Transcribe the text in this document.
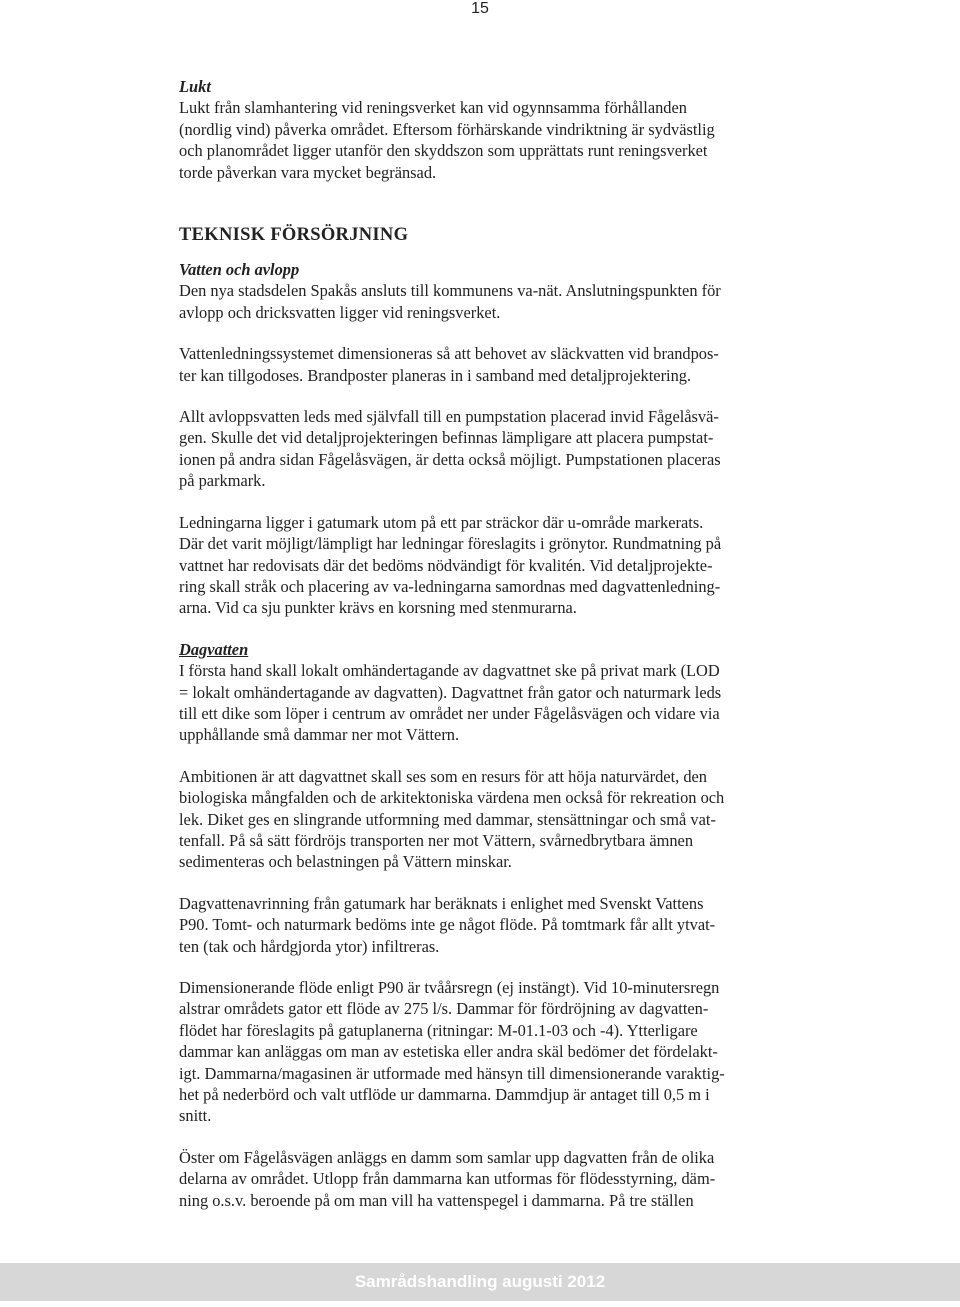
15
Lukt
Lukt från slamhantering vid reningsverket kan vid ogynnsamma förhållanden
(nordlig vind) påverka området. Eftersom förhärskande vindriktning är sydvästlig
och planområdet ligger utanför den skyddszon som upprättats runt reningsverket
torde påverkan vara mycket begränsad.
TEKNISK FÖRSÖRJNING
Vatten och avlopp
Den nya stadsdelen Spakås ansluts till kommunens va-nät. Anslutningspunkten för
avlopp och dricksvatten ligger vid reningsverket.
Vattenledningssystemet dimensioneras så att behovet av släckvatten vid brandpos-
ter kan tillgodoses. Brandposter planeras in i samband med detaljprojektering.
Allt avloppsvatten leds med självfall till en pumpstation placerad invid Fågelåsvä-
gen. Skulle det vid detaljprojekteringen befinnas lämpligare att placera pumpstat-
ionen på andra sidan Fågelåsvägen, är detta också möjligt. Pumpstationen placeras
på parkmark.
Ledningarna ligger i gatumark utom på ett par sträckor där u-område markerats.
Där det varit möjligt/lämpligt har ledningar föreslagits i grönytor. Rundmatning på
vattnet har redovisats där det bedöms nödvändigt för kvalitén. Vid detaljprojekte-
ring skall stråk och placering av va-ledningarna samordnas med dagvattenledning-
arna. Vid ca sju punkter krävs en korsning med stenmurarna.
Dagvatten
I första hand skall lokalt omhändertagande av dagvattnet ske på privat mark (LOD
= lokalt omhändertagande av dagvatten). Dagvattnet från gator och naturmark leds
till ett dike som löper i centrum av området ner under Fågelåsvägen och vidare via
upphållande små dammar ner mot Vättern.
Ambitionen är att dagvattnet skall ses som en resurs för att höja naturvärdet, den
biologiska mångfalden och de arkitektoniska värdena men också för rekreation och
lek. Diket ges en slingrande utformning med dammar, stensättningar och små vat-
tenfall. På så sätt fördröjs transporten ner mot Vättern, svårnedbrytbara ämnen
sedimenteras och belastningen på Vättern minskar.
Dagvattenavrinning från gatumark har beräknats i enlighet med Svenskt Vattens
P90. Tomt- och naturmark bedöms inte ge något flöde. På tomtmark får allt ytvat-
ten (tak och hårdgjorda ytor) infiltreras.
Dimensionerande flöde enligt P90 är tvåårsregn (ej instängt). Vid 10-minutersregn
alstrar områdets gator ett flöde av 275 l/s. Dammar för fördröjning av dagvatten-
flödet har föreslagits på gatuplanerna (ritningar: M-01.1-03 och -4). Ytterligare
dammar kan anläggas om man av estetiska eller andra skäl bedömer det fördelakt-
igt. Dammarna/magasinen är utformade med hänsyn till dimensionerande varaktig-
het på nederbörd och valt utflöde ur dammarna. Dammdjup är antaget till 0,5 m i
snitt.
Öster om Fågelåsvägen anläggs en damm som samlar upp dagvatten från de olika
delarna av området. Utlopp från dammarna kan utformas för flödesstyrning, däm-
ning o.s.v. beroende på om man vill ha vattenspegel i dammarna. På tre ställen
Samrådshandling augusti 2012
